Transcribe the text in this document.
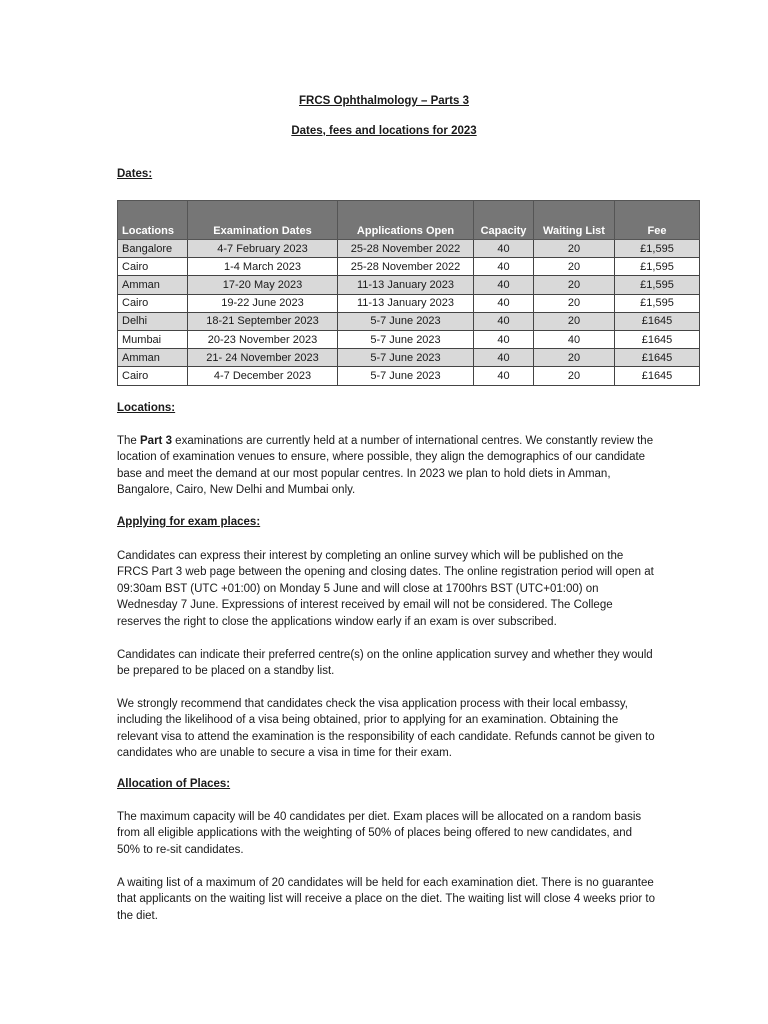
FRCS Ophthalmology – Parts 3
Dates, fees and locations for 2023
Dates:
Locations	Examination Dates	Applications Open	Capacity	Waiting List	Fee
Bangalore	4-7 February 2023	25-28 November 2022	40	20	£1,595
Cairo	1-4 March 2023	25-28 November 2022	40	20	£1,595
Amman	17-20 May 2023	11-13 January 2023	40	20	£1,595
Cairo	19-22 June 2023	11-13 January 2023	40	20	£1,595
Delhi	18-21 September 2023	5-7 June 2023	40	20	£1645
Mumbai	20-23 November 2023	5-7 June 2023	40	40	£1645
Amman	21- 24 November 2023	5-7 June 2023	40	20	£1645
Cairo	4-7 December 2023	5-7 June 2023	40	20	£1645
Locations:
The Part 3 examinations are currently held at a number of international centres. We constantly review the location of examination venues to ensure, where possible, they align the demographics of our candidate base and meet the demand at our most popular centres. In 2023 we plan to hold diets in Amman, Bangalore, Cairo, New Delhi and Mumbai only.
Applying for exam places:
Candidates can express their interest by completing an online survey which will be published on the FRCS Part 3 web page between the opening and closing dates. The online registration period will open at 09:30am BST (UTC +01:00) on Monday 5 June and will close at 1700hrs BST (UTC+01:00) on Wednesday 7 June. Expressions of interest received by email will not be considered. The College reserves the right to close the applications window early if an exam is over subscribed.
Candidates can indicate their preferred centre(s) on the online application survey and whether they would be prepared to be placed on a standby list.
We strongly recommend that candidates check the visa application process with their local embassy, including the likelihood of a visa being obtained, prior to applying for an examination. Obtaining the relevant visa to attend the examination is the responsibility of each candidate. Refunds cannot be given to candidates who are unable to secure a visa in time for their exam.
Allocation of Places:
The maximum capacity will be 40 candidates per diet. Exam places will be allocated on a random basis from all eligible applications with the weighting of 50% of places being offered to new candidates, and 50% to re-sit candidates.
A waiting list of a maximum of 20 candidates will be held for each examination diet. There is no guarantee that applicants on the waiting list will receive a place on the diet. The waiting list will close 4 weeks prior to the diet.
